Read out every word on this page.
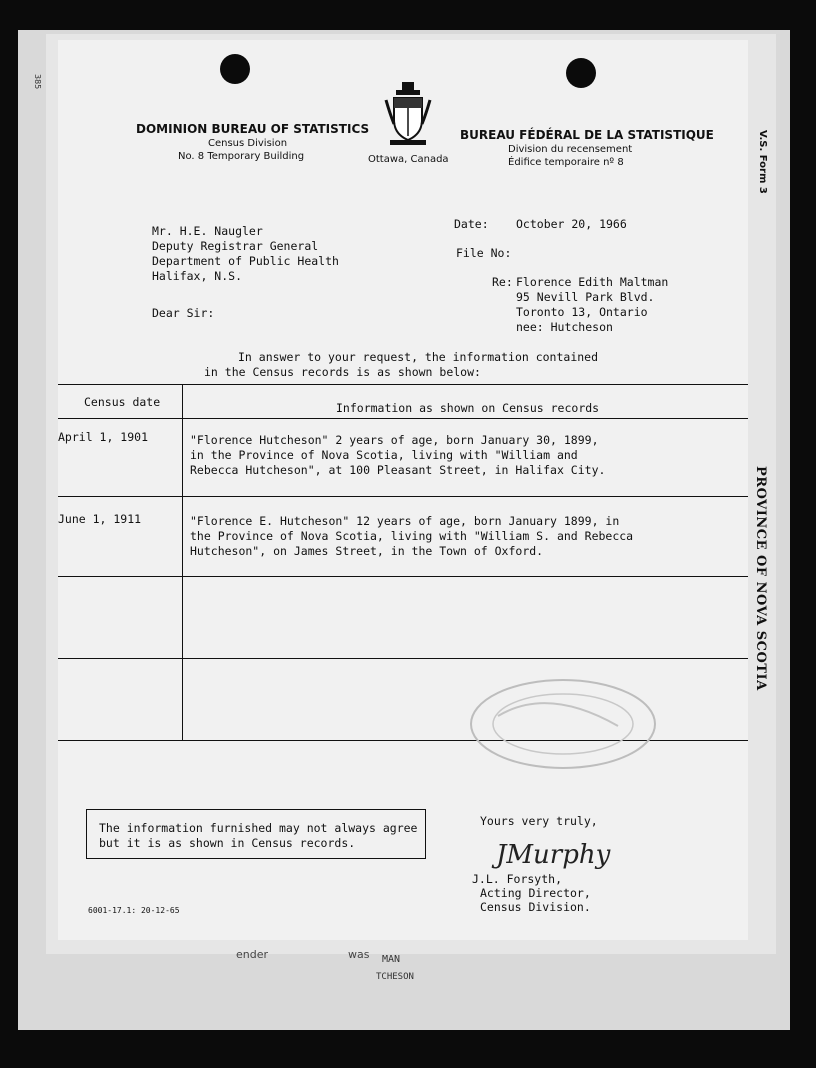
ender	was MAN
TCHESON
385
V.S. Form 3
PROVINCE OF NOVA SCOTIA
DOMINION BUREAU OF STATISTICS
Census Division
No. 8 Temporary Building	Ottawa, Canada
BUREAU FÉDÉRAL DE LA STATISTIQUE
Division du recensement
Édifice temporaire nº 8
Mr. H.E. Naugler
Deputy Registrar General
Department of Public Health
Halifax, N.S.
Date: October 20, 1966
File No:
Re: Florence Edith Maltman
95 Nevill Park Blvd.
Toronto 13, Ontario
nee: Hutcheson
Dear Sir:
In answer to your request, the information contained
in the Census records is as shown below:
Census date	Information as shown on Census records
April 1, 1901	"Florence Hutcheson" 2 years of age, born January 30, 1899,
in the Province of Nova Scotia, living with "William and
Rebecca Hutcheson", at 100 Pleasant Street, in Halifax City.
June 1, 1911	"Florence E. Hutcheson" 12 years of age, born January 1899, in
the Province of Nova Scotia, living with "William S. and Rebecca
Hutcheson", on James Street, in the Town of Oxford.
The information furnished may not always agree
but it is as shown in Census records.
Yours very truly,
JMurphy
J.L. Forsyth,
Acting Director,
Census Division.
6001-17.1: 20-12-65
